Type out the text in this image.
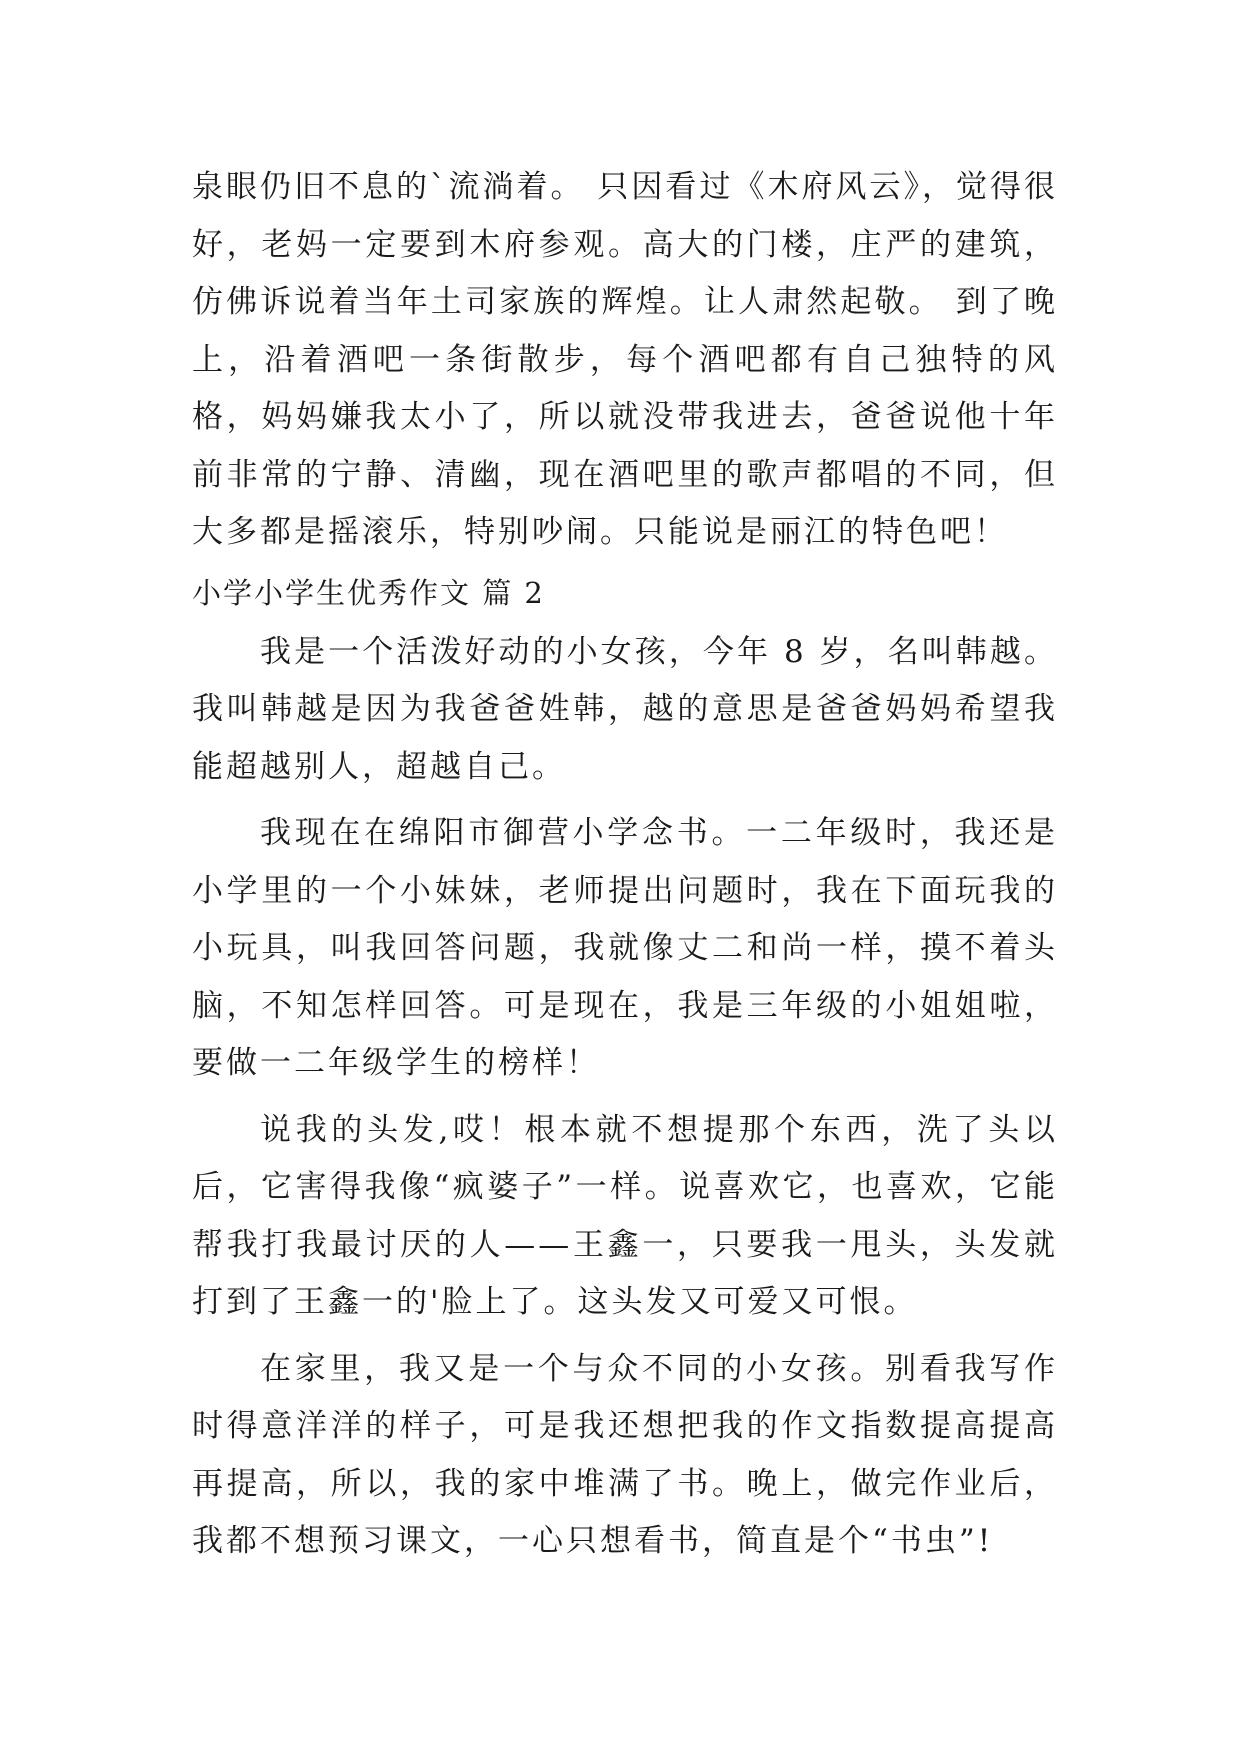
泉眼仍旧不息的`流淌着。 只因看过《木府风云》，觉得很好，老妈一定要到木府参观。高大的门楼，庄严的建筑，仿佛诉说着当年土司家族的辉煌。让人肃然起敬。 到了晚上，沿着酒吧一条街散步，每个酒吧都有自己独特的风格，妈妈嫌我太小了，所以就没带我进去，爸爸说他十年前非常的宁静、清幽，现在酒吧里的歌声都唱的不同，但大多都是摇滚乐，特别吵闹。只能说是丽江的特色吧！

小学小学生优秀作文 篇 2

我是一个活泼好动的小女孩，今年 8 岁，名叫韩越。我叫韩越是因为我爸爸姓韩，越的意思是爸爸妈妈希望我能超越别人，超越自己。

我现在在绵阳市御营小学念书。一二年级时，我还是小学里的一个小妹妹，老师提出问题时，我在下面玩我的小玩具，叫我回答问题，我就像丈二和尚一样，摸不着头脑，不知怎样回答。可是现在，我是三年级的小姐姐啦，要做一二年级学生的榜样！

说我的头发,哎！根本就不想提那个东西，洗了头以后，它害得我像“疯婆子”一样。说喜欢它，也喜欢，它能帮我打我最讨厌的人——王鑫一，只要我一甩头，头发就打到了王鑫一的'脸上了。这头发又可爱又可恨。

在家里，我又是一个与众不同的小女孩。别看我写作时得意洋洋的样子，可是我还想把我的作文指数提高提高再提高，所以，我的家中堆满了书。晚上，做完作业后，我都不想预习课文，一心只想看书，简直是个“书虫”!
